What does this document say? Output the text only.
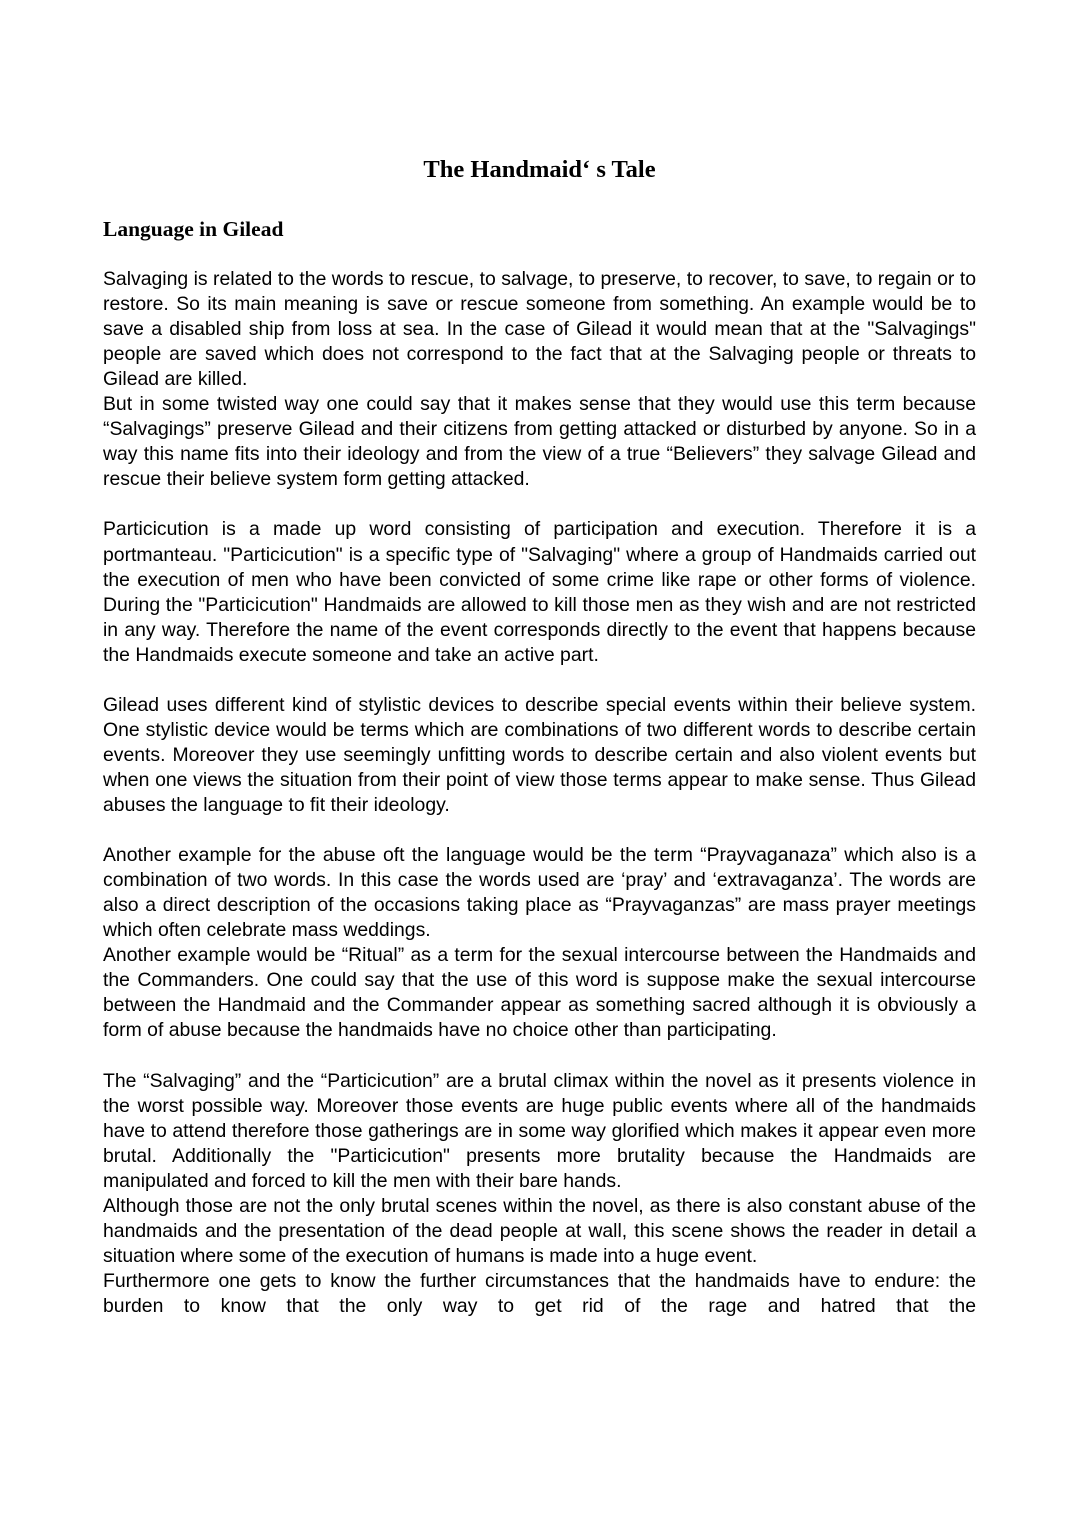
The Handmaid‘ s Tale
Language in Gilead

Salvaging is related to the words to rescue, to salvage, to preserve, to recover, to save, to regain or to restore. So its main meaning is save or rescue someone from something. An example would be to save a disabled ship from loss at sea. In the case of Gilead it would mean that at the "Salvagings" people are saved which does not correspond to the fact that at the Salvaging people or threats to Gilead are killed.

But in some twisted way one could say that it makes sense that they would use this term because “Salvagings” preserve Gilead and their citizens from getting attacked or disturbed by anyone. So in a way this name fits into their ideology and from the view of a true “Believers” they salvage Gilead and rescue their believe system form getting attacked.

Particicution is a made up word consisting of participation and execution. Therefore it is a portmanteau. "Particicution" is a specific type of "Salvaging" where a group of Handmaids carried out the execution of men who have been convicted of some crime like rape or other forms of violence. During the "Particicution" Handmaids are allowed to kill those men as they wish and are not restricted in any way. Therefore the name of the event corresponds directly to the event that happens because the Handmaids execute someone and take an active part.

Gilead uses different kind of stylistic devices to describe special events within their believe system. One stylistic device would be terms which are combinations of two different words to describe certain events. Moreover they use seemingly unfitting words to describe certain and also violent events but when one views the situation from their point of view those terms appear to make sense. Thus Gilead abuses the language to fit their ideology.

Another example for the abuse oft the language would be the term “Prayvaganaza” which also is a combination of two words. In this case the words used are ‘pray’ and ‘extravaganza’. The words are also a direct description of the occasions taking place as “Prayvaganzas” are mass prayer meetings which often celebrate mass weddings.

Another example would be “Ritual” as a term for the sexual intercourse between the Handmaids and the Commanders. One could say that the use of this word is suppose make the sexual intercourse between the Handmaid and the Commander appear as something sacred although it is obviously a form of abuse because the handmaids have no choice other than participating.

The “Salvaging” and the “Particicution” are a brutal climax within the novel as it presents violence in the worst possible way. Moreover those events are huge public events where all of the handmaids have to attend therefore those gatherings are in some way glorified which makes it appear even more brutal. Additionally the "Particicution" presents more brutality because the Handmaids are manipulated and forced to kill the men with their bare hands.

Although those are not the only brutal scenes within the novel, as there is also constant abuse of the handmaids and the presentation of the dead people at wall, this scene shows the reader in detail a situation where some of the execution of humans is made into a huge event.

Furthermore one gets to know the further circumstances that the handmaids have to endure: the burden to know that the only way to get rid of the rage and hatred that the
